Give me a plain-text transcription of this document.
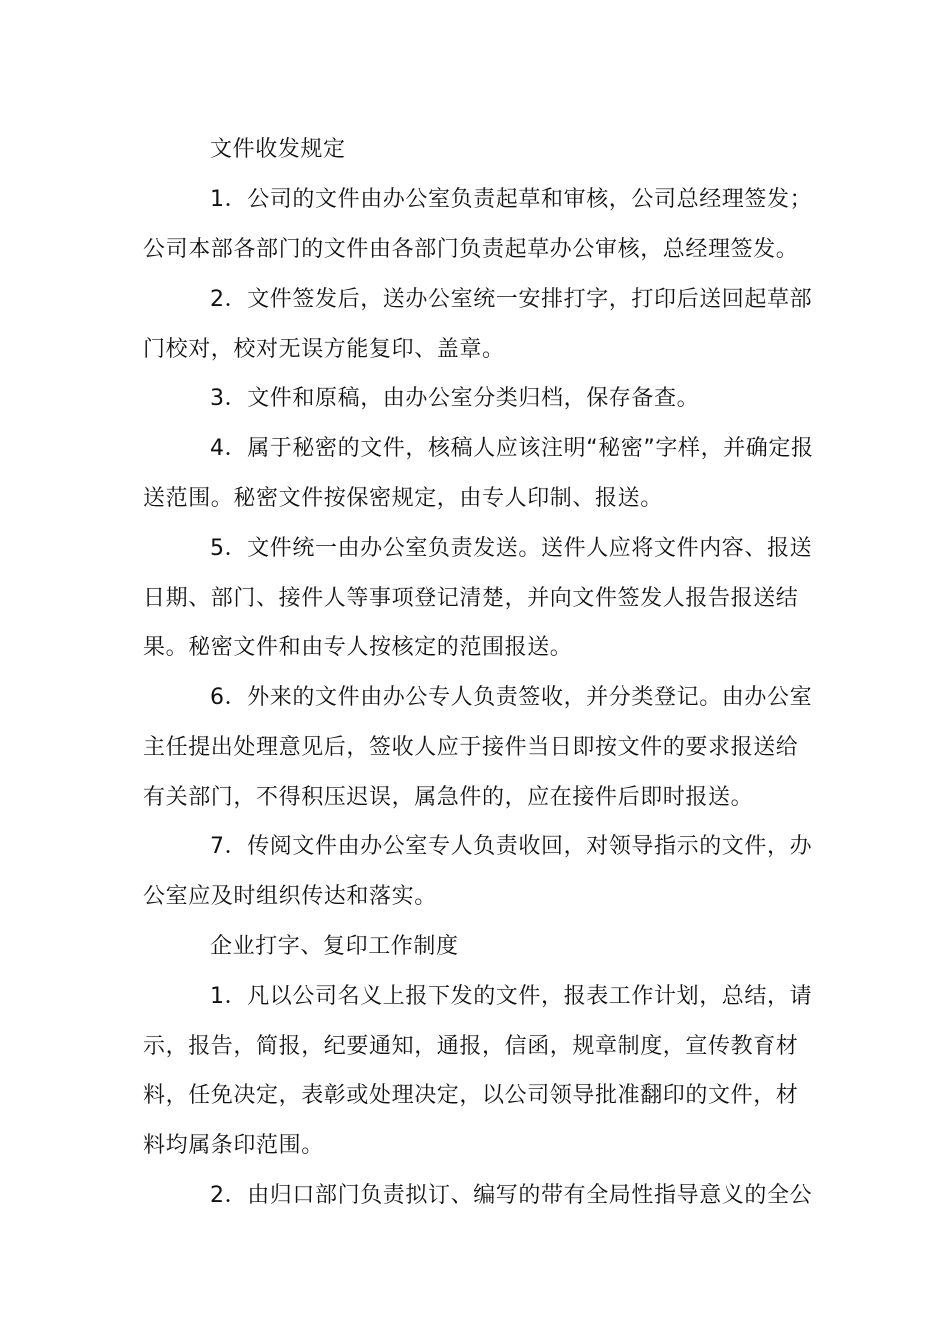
文件收发规定
1．公司的文件由办公室负责起草和审核，公司总经理签发；
公司本部各部门的文件由各部门负责起草办公审核，总经理签发。
2．文件签发后，送办公室统一安排打字，打印后送回起草部
门校对，校对无误方能复印、盖章。
3．文件和原稿，由办公室分类归档，保存备查。
4．属于秘密的文件，核稿人应该注明“秘密”字样，并确定报
送范围。秘密文件按保密规定，由专人印制、报送。
5．文件统一由办公室负责发送。送件人应将文件内容、报送
日期、部门、接件人等事项登记清楚，并向文件签发人报告报送结
果。秘密文件和由专人按核定的范围报送。
6．外来的文件由办公专人负责签收，并分类登记。由办公室
主任提出处理意见后，签收人应于接件当日即按文件的要求报送给
有关部门，不得积压迟误，属急件的，应在接件后即时报送。
7．传阅文件由办公室专人负责收回，对领导指示的文件，办
公室应及时组织传达和落实。
企业打字、复印工作制度
1．凡以公司名义上报下发的文件，报表工作计划，总结，请
示，报告，简报，纪要通知，通报，信函，规章制度，宣传教育材
料，任免决定，表彰或处理决定，以公司领导批准翻印的文件，材
料均属条印范围。
2．由归口部门负责拟订、编写的带有全局性指导意义的全公
